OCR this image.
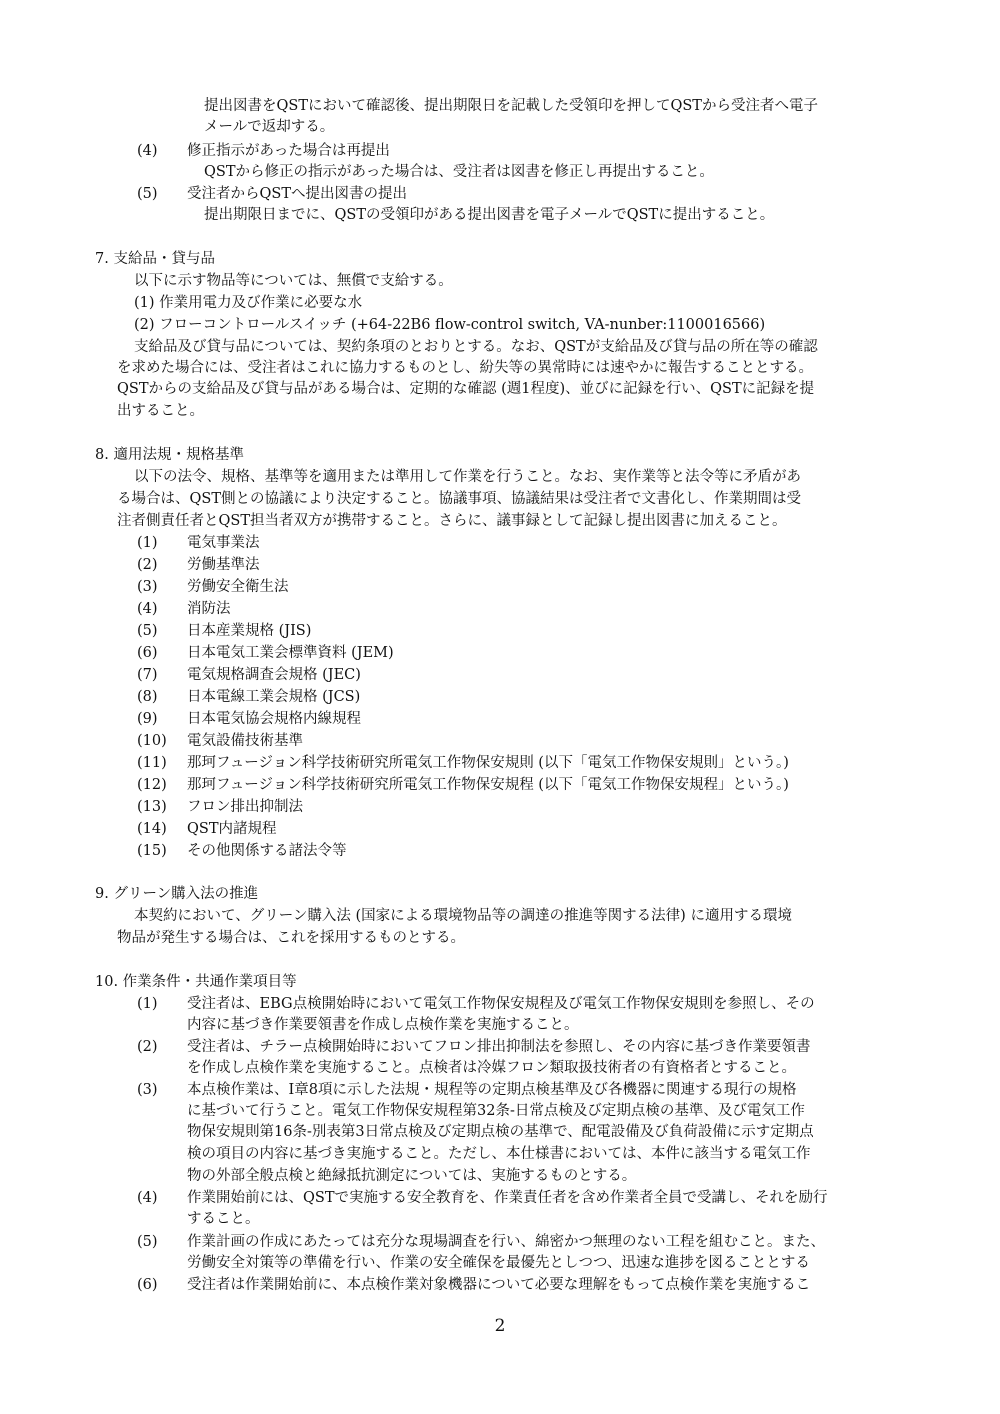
提出図書をQSTにおいて確認後、提出期限日を記載した受領印を押してQSTから受注者へ電子
メールで返却する。
(4) 修正指示があった場合は再提出
QSTから修正の指示があった場合は、受注者は図書を修正し再提出すること。
(5) 受注者からQSTへ提出図書の提出
提出期限日までに、QSTの受領印がある提出図書を電子メールでQSTに提出すること。
7. 支給品・貸与品
以下に示す物品等については、無償で支給する。
(1) 作業用電力及び作業に必要な水
(2) フローコントロールスイッチ (+64-22B6 flow-control switch, VA-nunber:1100016566)
支給品及び貸与品については、契約条項のとおりとする。なお、QSTが支給品及び貸与品の所在等の確認
を求めた場合には、受注者はこれに協力するものとし、紛失等の異常時には速やかに報告することとする。
QSTからの支給品及び貸与品がある場合は、定期的な確認 (週1程度)、並びに記録を行い、QSTに記録を提
出すること。
8. 適用法規・規格基準
以下の法令、規格、基準等を適用または準用して作業を行うこと。なお、実作業等と法令等に矛盾があ
る場合は、QST側との協議により決定すること。協議事項、協議結果は受注者で文書化し、作業期間は受
注者側責任者とQST担当者双方が携帯すること。さらに、議事録として記録し提出図書に加えること。
(1) 電気事業法
(2) 労働基準法
(3) 労働安全衛生法
(4) 消防法
(5) 日本産業規格 (JIS)
(6) 日本電気工業会標準資料 (JEM)
(7) 電気規格調査会規格 (JEC)
(8) 日本電線工業会規格 (JCS)
(9) 日本電気協会規格内線規程
(10) 電気設備技術基準
(11) 那珂フュージョン科学技術研究所電気工作物保安規則 (以下「電気工作物保安規則」という。)
(12) 那珂フュージョン科学技術研究所電気工作物保安規程 (以下「電気工作物保安規程」という。)
(13) フロン排出抑制法
(14) QST内諸規程
(15) その他関係する諸法令等
9. グリーン購入法の推進
本契約において、グリーン購入法 (国家による環境物品等の調達の推進等関する法律) に適用する環境
物品が発生する場合は、これを採用するものとする。
10. 作業条件・共通作業項目等
(1) 受注者は、EBG点検開始時において電気工作物保安規程及び電気工作物保安規則を参照し、その
内容に基づき作業要領書を作成し点検作業を実施すること。
(2) 受注者は、チラー点検開始時においてフロン排出抑制法を参照し、その内容に基づき作業要領書
を作成し点検作業を実施すること。点検者は冷媒フロン類取扱技術者の有資格者とすること。
(3) 本点検作業は、Ⅰ章8項に示した法規・規程等の定期点検基準及び各機器に関連する現行の規格
に基づいて行うこと。電気工作物保安規程第32条-日常点検及び定期点検の基準、及び電気工作
物保安規則第16条-別表第3日常点検及び定期点検の基準で、配電設備及び負荷設備に示す定期点
検の項目の内容に基づき実施すること。ただし、本仕様書においては、本件に該当する電気工作
物の外部全般点検と絶縁抵抗測定については、実施するものとする。
(4) 作業開始前には、QSTで実施する安全教育を、作業責任者を含め作業者全員で受講し、それを励行
すること。
(5) 作業計画の作成にあたっては充分な現場調査を行い、綿密かつ無理のない工程を組むこと。また、
労働安全対策等の準備を行い、作業の安全確保を最優先としつつ、迅速な進捗を図ることとする
(6) 受注者は作業開始前に、本点検作業対象機器について必要な理解をもって点検作業を実施するこ
2
